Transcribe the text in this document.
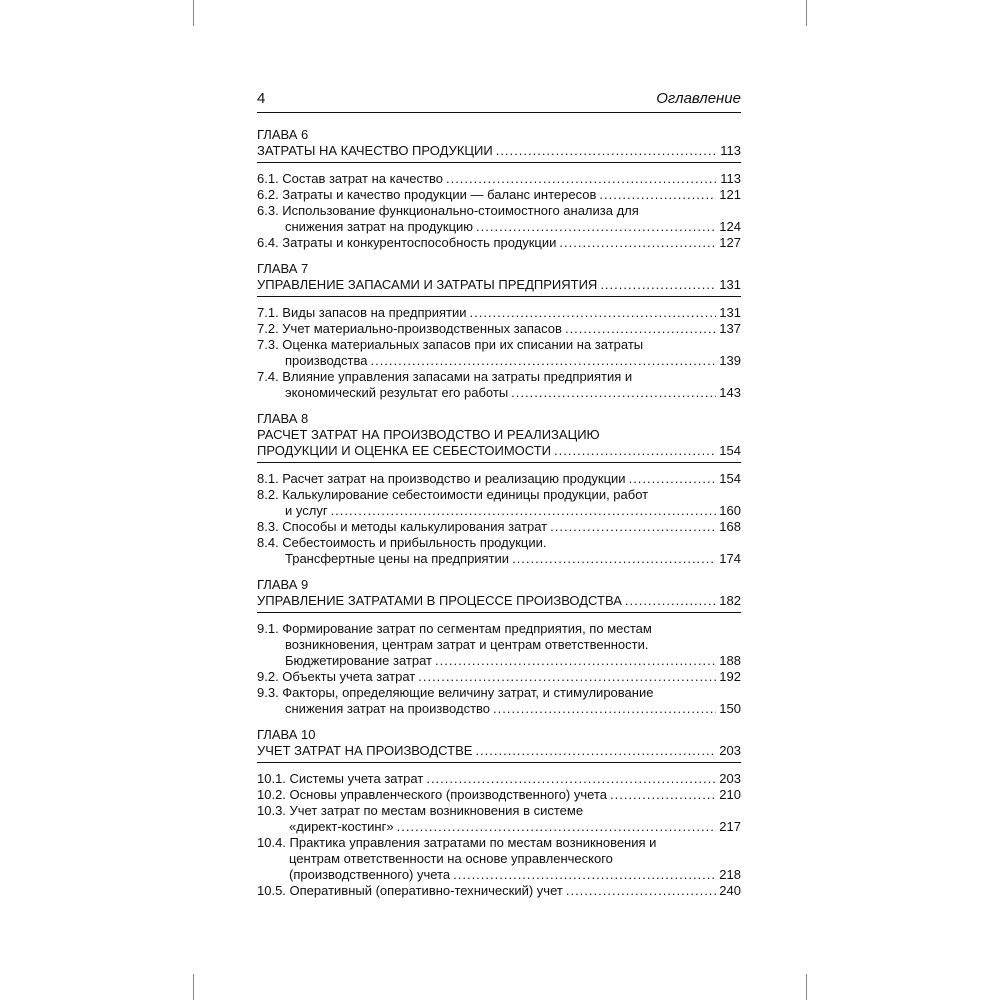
4	Оглавление
ГЛАВА 6
ЗАТРАТЫ НА КАЧЕСТВО ПРОДУКЦИИ .....	113
6.1. Состав затрат на качество .....	113
6.2. Затраты и качество продукции — баланс интересов .....	121
6.3. Использование функционально-стоимостного анализа для
снижения затрат на продукцию .....	124
6.4. Затраты и конкурентоспособность продукции .....	127
ГЛАВА 7
УПРАВЛЕНИЕ ЗАПАСАМИ И ЗАТРАТЫ ПРЕДПРИЯТИЯ .....	131
7.1. Виды запасов на предприятии .....	131
7.2. Учет материально-производственных запасов .....	137
7.3. Оценка материальных запасов при их списании на затраты
производства .....	139
7.4. Влияние управления запасами на затраты предприятия и
экономический результат его работы .....	143
ГЛАВА 8
РАСЧЕТ ЗАТРАТ НА ПРОИЗВОДСТВО И РЕАЛИЗАЦИЮ
ПРОДУКЦИИ И ОЦЕНКА ЕЕ СЕБЕСТОИМОСТИ .....	154
8.1. Расчет затрат на производство и реализацию продукции .....	154
8.2. Калькулирование себестоимости единицы продукции, работ
и услуг .....	160
8.3. Способы и методы калькулирования затрат .....	168
8.4. Себестоимость и прибыльность продукции.
Трансфертные цены на предприятии .....	174
ГЛАВА 9
УПРАВЛЕНИЕ ЗАТРАТАМИ В ПРОЦЕССЕ ПРОИЗВОДСТВА .....	182
9.1. Формирование затрат по сегментам предприятия, по местам
возникновения, центрам затрат и центрам ответственности.
Бюджетирование затрат .....	188
9.2. Объекты учета затрат .....	192
9.3. Факторы, определяющие величину затрат, и стимулирование
снижения затрат на производство .....	150
ГЛАВА 10
УЧЕТ ЗАТРАТ НА ПРОИЗВОДСТВЕ .....	203
10.1. Системы учета затрат .....	203
10.2. Основы управленческого (производственного) учета .....	210
10.3. Учет затрат по местам возникновения в системе
«директ-костинг» .....	217
10.4. Практика управления затратами по местам возникновения и
центрам ответственности на основе управленческого
(производственного) учета .....	218
10.5. Оперативный (оперативно-технический) учет .....	240
